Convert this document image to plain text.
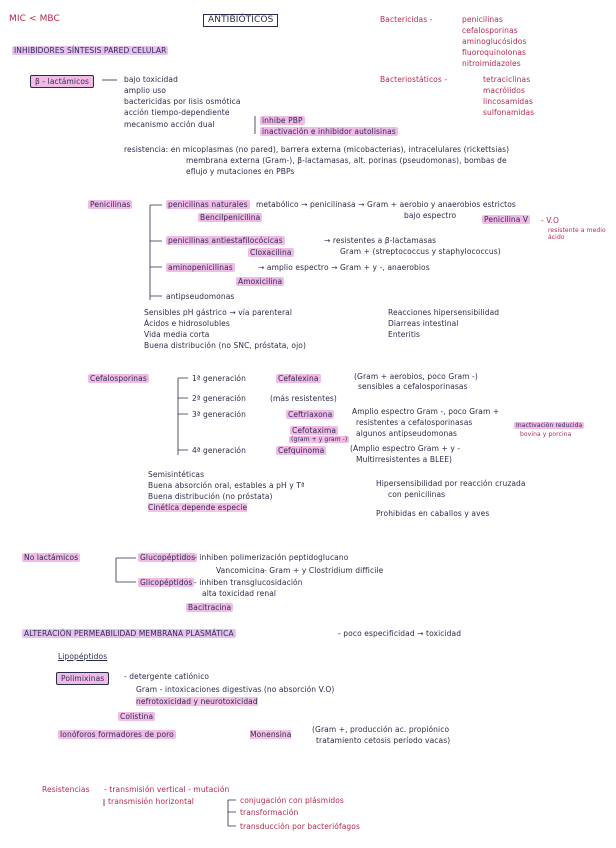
MIC < MBC	ANTIBIÓTICOS	Bactericidas -	penicilinas
cefalosporinas
aminoglucósidos
fluoroquinolonas
nitroimidazoles
Bacteriostáticos -	tetraciclinas
macrólidos
lincosamidas
sulfonamidas
INHIBIDORES SÍNTESIS PARED CELULAR
β - lactámicos	bajo toxicidad
amplio uso
bactericidas por lisis osmótica
acción tiempo-dependiente
mecanismo acción dual	inhibe PBP
inactivación e inhibidor autolisinas
resistencia: en micoplasmas (no pared), barrera externa (micobacterias), intracelulares (rickettsias)
membrana externa (Gram-), β-lactamasas, alt. porinas (pseudomonas), bombas de
eflujo y mutaciones en PBPs
Penicilinas	penicilinas naturales metabólico → penicilinasa → Gram + aerobio y anaerobios estrictos
bajo espectro
Bencilpenicilina	Penicilina V - V.O
resistente a medio ácido
penicilinas antiestafilocócicas	→ resistentes a β-lactamasas
Gram + (streptococcus y staphylococcus)
Cloxacilina
aminopenicilinas	→ amplio espectro → Gram + y -, anaerobios
Amoxicilina
antipseudomonas
Sensibles pH gástrico → vía parenteral
Ácidos e hidrosolubles
Vida media corta
Buena distribución (no SNC, próstata, ojo)
Reacciones hipersensibilidad
Diarreas intestinal
Enteritis
Cefalosporinas	1ª generación	Cefalexina	(Gram + aerobios, poco Gram -)
sensibles a cefalosporinasas
2ª generación	(más resistentes)
3ª generación	Ceftriaxona
Cefotaxima
(gram + y gram -)
Amplio espectro Gram -, poco Gram +
resistentes a cefalosporinasas
algunos antipseudomonas
Inactivación reducida
bovina y porcina
4ª generación	Cefquinoma	(Amplio espectro Gram + y -
Multirresistentes a BLEE)
Semisintéticas
Buena absorción oral, estables a pH y Tª
Buena distribución (no próstata)
Cinética depende especie
Hipersensibilidad por reacción cruzada
con penicilinas
Prohibidas en caballos y aves
No lactámicos	Glucopéptidos
- inhiben polimerización peptidoglucano
Vancomicina - Gram + y Clostridium difficile
Glicopéptidos - inhiben transglucosidación
alta toxicidad renal
Bacitracina
ALTERACIÓN PERMEABILIDAD MEMBRANA PLASMÁTICA	- poco especificidad → toxicidad
Lipopéptidos
Polimixinas	- detergente catiónico
Gram - intoxicaciones digestivas (no absorción V.O)
nefrotoxicidad y neurotoxicidad
Colistina
Ionóforos formadores de poro	Monensina
(Gram +, producción ac. propiónico
tratamiento cetosis período vacas)
Resistencias - transmisión vertical - mutación
transmisión horizontal	conjugación con plásmidos
transformación
transducción por bacteriófagos
